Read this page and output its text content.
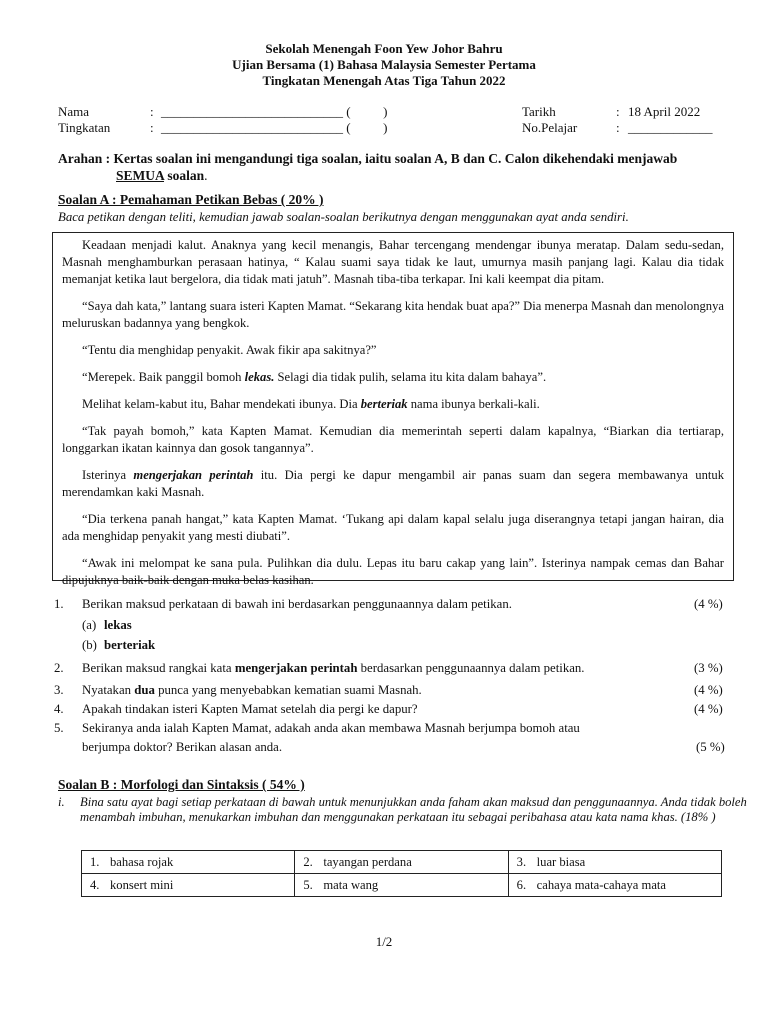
Sekolah Menengah Foon Yew Johor Bahru
Ujian Bersama (1) Bahasa Malaysia Semester Pertama
Tingkatan Menengah Atas Tiga Tahun 2022
Nama	: ____________________________ (          )	Tarikh	: 18 April 2022
Tingkatan	: ____________________________ (          )	No.Pelajar	: _____________
Arahan : Kertas soalan ini mengandungi tiga soalan, iaitu soalan A, B dan C. Calon dikehendaki menjawab
SEMUA soalan.
Soalan A : Pemahaman Petikan Bebas ( 20% )
Baca petikan dengan teliti, kemudian jawab soalan-soalan berikutnya dengan menggunakan ayat anda sendiri.

Keadaan menjadi kalut. Anaknya yang kecil menangis, Bahar tercengang mendengar ibunya meratap. Dalam sedu-sedan, Masnah menghamburkan perasaan hatinya, “ Kalau suami saya tidak ke laut, umurnya masih panjang lagi. Kalau dia tidak memanjat ketika laut bergelora, dia tidak mati jatuh”. Masnah tiba-tiba terkapar. Ini kali keempat dia pitam.

“Saya dah kata,” lantang suara isteri Kapten Mamat. “Sekarang kita hendak buat apa?” Dia menerpa Masnah dan menolongnya meluruskan badannya yang bengkok.

“Tentu dia menghidap penyakit. Awak fikir apa sakitnya?”

“Merepek. Baik panggil bomoh lekas. Selagi dia tidak pulih, selama itu kita dalam bahaya”.

Melihat kelam-kabut itu, Bahar mendekati ibunya. Dia berteriak nama ibunya berkali-kali.

“Tak payah bomoh,” kata Kapten Mamat. Kemudian dia memerintah seperti dalam kapalnya, “Biarkan dia tertiarap, longgarkan ikatan kainnya dan gosok tangannya”.

Isterinya mengerjakan perintah itu. Dia pergi ke dapur mengambil air panas suam dan segera membawanya untuk merendamkan kaki Masnah.

“Dia terkena panah hangat,” kata Kapten Mamat. ‘Tukang api dalam kapal selalu juga diserangnya tetapi jangan hairan, dia ada menghidap penyakit yang mesti diubati”.

“Awak ini melompat ke sana pula. Pulihkan dia dulu. Lepas itu baru cakap yang lain”. Isterinya nampak cemas dan Bahar dipujuknya baik-baik dengan muka belas kasihan.

1. Berikan maksud perkataan di bawah ini berdasarkan penggunaannya dalam petikan.	(4 %)
(a) lekas
(b) berteriak
2. Berikan maksud rangkai kata mengerjakan perintah berdasarkan penggunaannya dalam petikan.	(3 %)
3. Nyatakan dua punca yang menyebabkan kematian suami Masnah.	(4 %)
4. Apakah tindakan isteri Kapten Mamat setelah dia pergi ke dapur?	(4 %)
5. Sekiranya anda ialah Kapten Mamat, adakah anda akan membawa Masnah berjumpa bomoh atau
berjumpa doktor? Berikan alasan anda.	(5 %)
Soalan B : Morfologi dan Sintaksis ( 54% )
i. Bina satu ayat bagi setiap perkataan di bawah untuk menunjukkan anda faham akan maksud dan penggunaannya. Anda tidak boleh menambah imbuhan, menukarkan imbuhan dan menggunakan perkataan itu sebagai peribahasa atau kata nama khas. (18% )
1. bahasa rojak	2. tayangan perdana	3. luar biasa
4. konsert mini	5. mata wang	6. cahaya mata-cahaya mata
1/2
